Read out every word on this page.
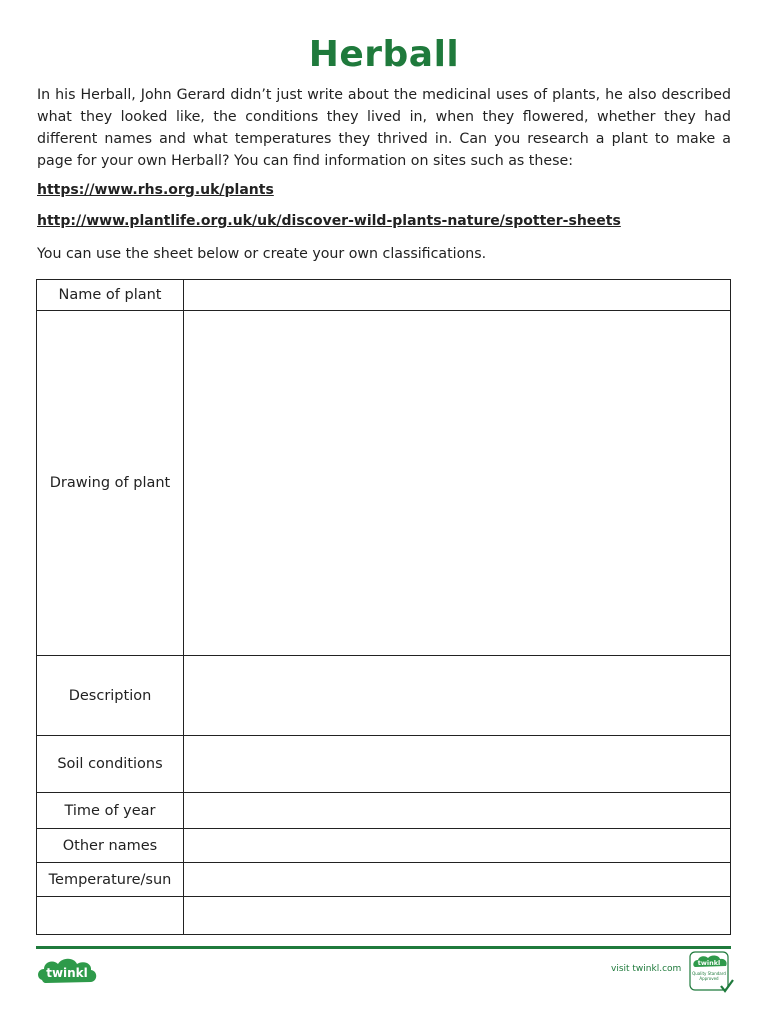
Herball

In his Herball, John Gerard didn’t just write about the medicinal uses of plants, he also described what they looked like, the conditions they lived in, when they flowered, whether they had different names and what temperatures they thrived in. Can you research a plant to make a page for your own Herball? You can find information on sites such as these:

https://www.rhs.org.uk/plants
http://www.plantlife.org.uk/uk/discover-wild-plants-nature/spotter-sheets
You can use the sheet below or create your own classifications.
Name of plant	
Drawing of plant	
Description	
Soil conditions	
Time of year	
Other names	
Temperature/sun	

twinkl	visit twinkl.com
twinkl
Quality Standard Approved
